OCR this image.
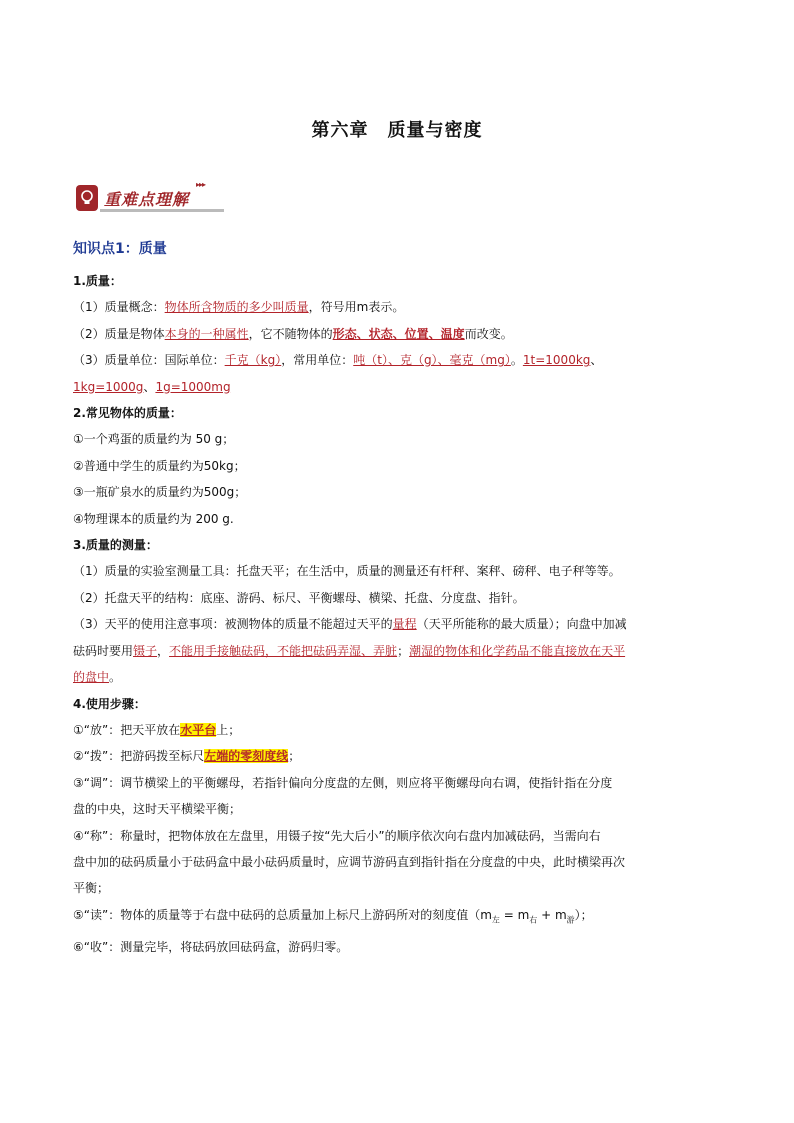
第六章　质量与密度
重难点理解
▸▸▸
知识点1：质量

1.质量：

（1）质量概念：物体所含物质的多少叫质量，符号用m表示。

（2）质量是物体本身的一种属性，它不随物体的形态、状态、位置、温度而改变。

（3）质量单位：国际单位：千克（kg），常用单位：吨（t）、克（g）、毫克（mg）。1t=1000kg、

1kg=1000g、1g=1000mg

2.常见物体的质量：

①一个鸡蛋的质量约为 50 g；

②普通中学生的质量约为50kg；

③一瓶矿泉水的质量约为500g；

④物理课本的质量约为 200 g.

3.质量的测量：

（1）质量的实验室测量工具：托盘天平；在生活中，质量的测量还有杆秤、案秤、磅秤、电子秤等等。

（2）托盘天平的结构：底座、游码、标尺、平衡螺母、横梁、托盘、分度盘、指针。

（3）天平的使用注意事项：被测物体的质量不能超过天平的量程（天平所能称的最大质量）；向盘中加减

砝码时要用镊子，不能用手接触砝码，不能把砝码弄湿、弄脏；潮湿的物体和化学药品不能直接放在天平

的盘中。

4.使用步骤：

①“放”：把天平放在水平台上；

②“拨”：把游码拨至标尺左端的零刻度线；

③“调”：调节横梁上的平衡螺母，若指针偏向分度盘的左侧，则应将平衡螺母向右调，使指针指在分度

盘的中央，这时天平横梁平衡；

④“称”：称量时，把物体放在左盘里，用镊子按“先大后小”的顺序依次向右盘内加减砝码，当需向右

盘中加的砝码质量小于砝码盒中最小砝码质量时，应调节游码直到指针指在分度盘的中央，此时横梁再次

平衡；

⑤“读”：物体的质量等于右盘中砝码的总质量加上标尺上游码所对的刻度值$(m_左 = m_右 + m_游)$；

⑥“收”：测量完毕，将砝码放回砝码盒，游码归零。
